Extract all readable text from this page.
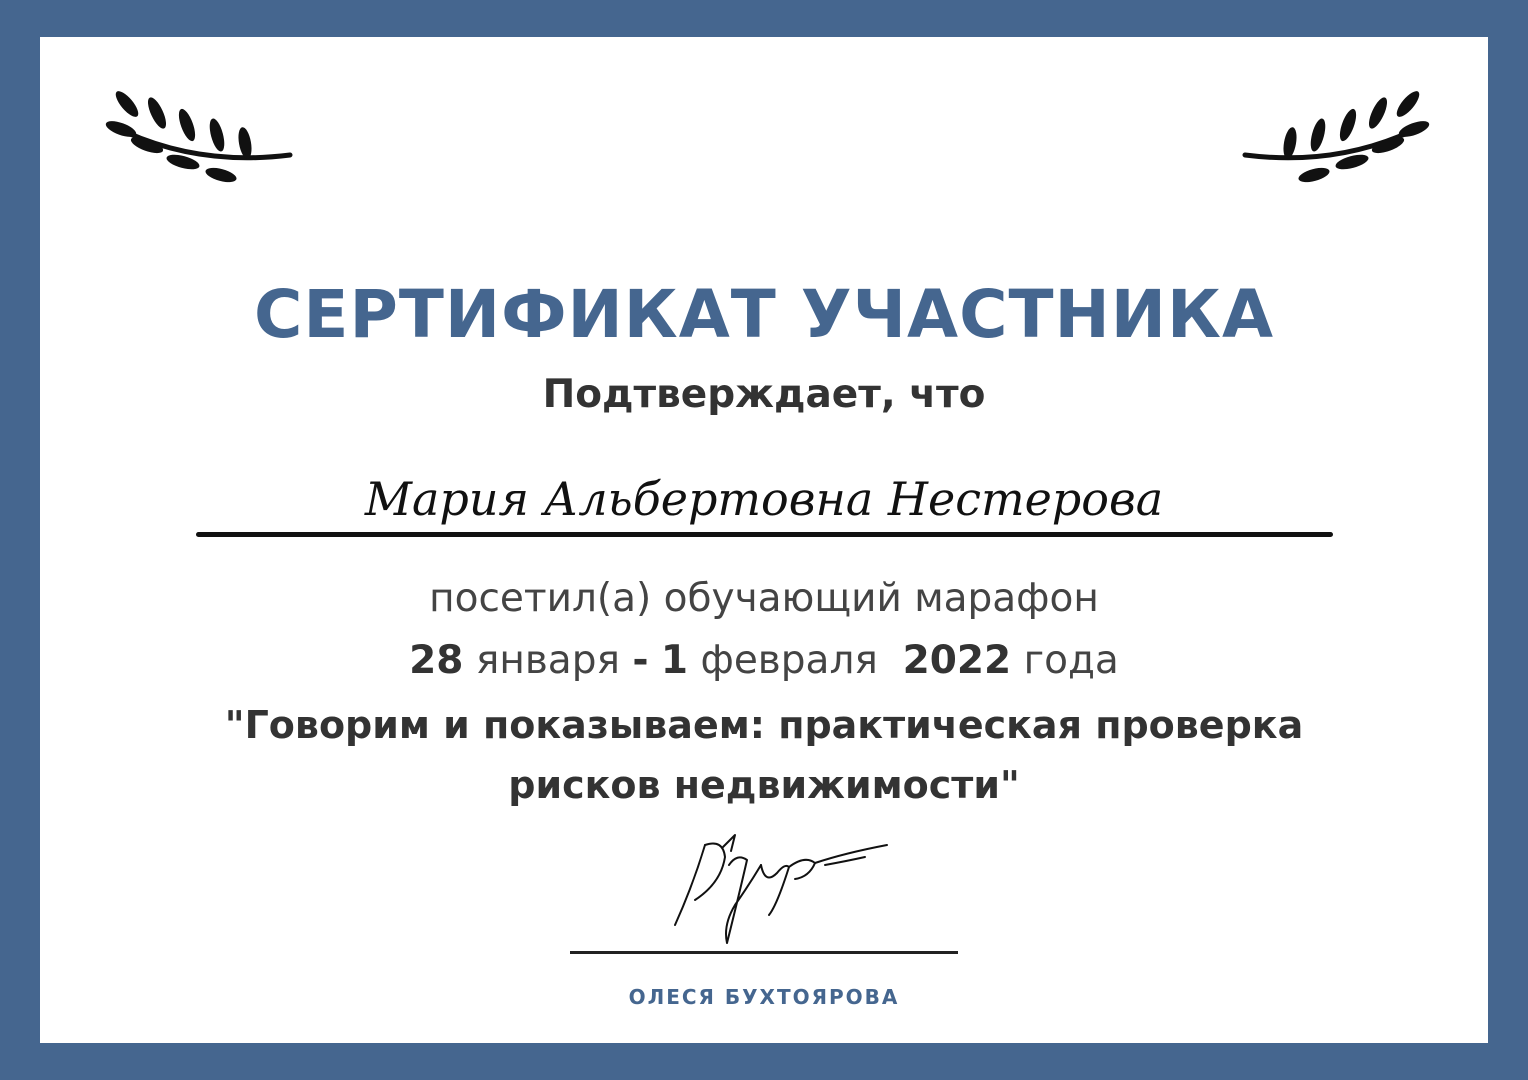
СЕРТИФИКАТ УЧАСТНИКА
Подтверждает, что
Мария Альбертовна Нестерова
посетил(а) обучающий марафон
28 января - 1 февраля 2022 года
"Говорим и показываем: практическая проверка
рисков недвижимости"
ОЛЕСЯ БУХТОЯРОВА
